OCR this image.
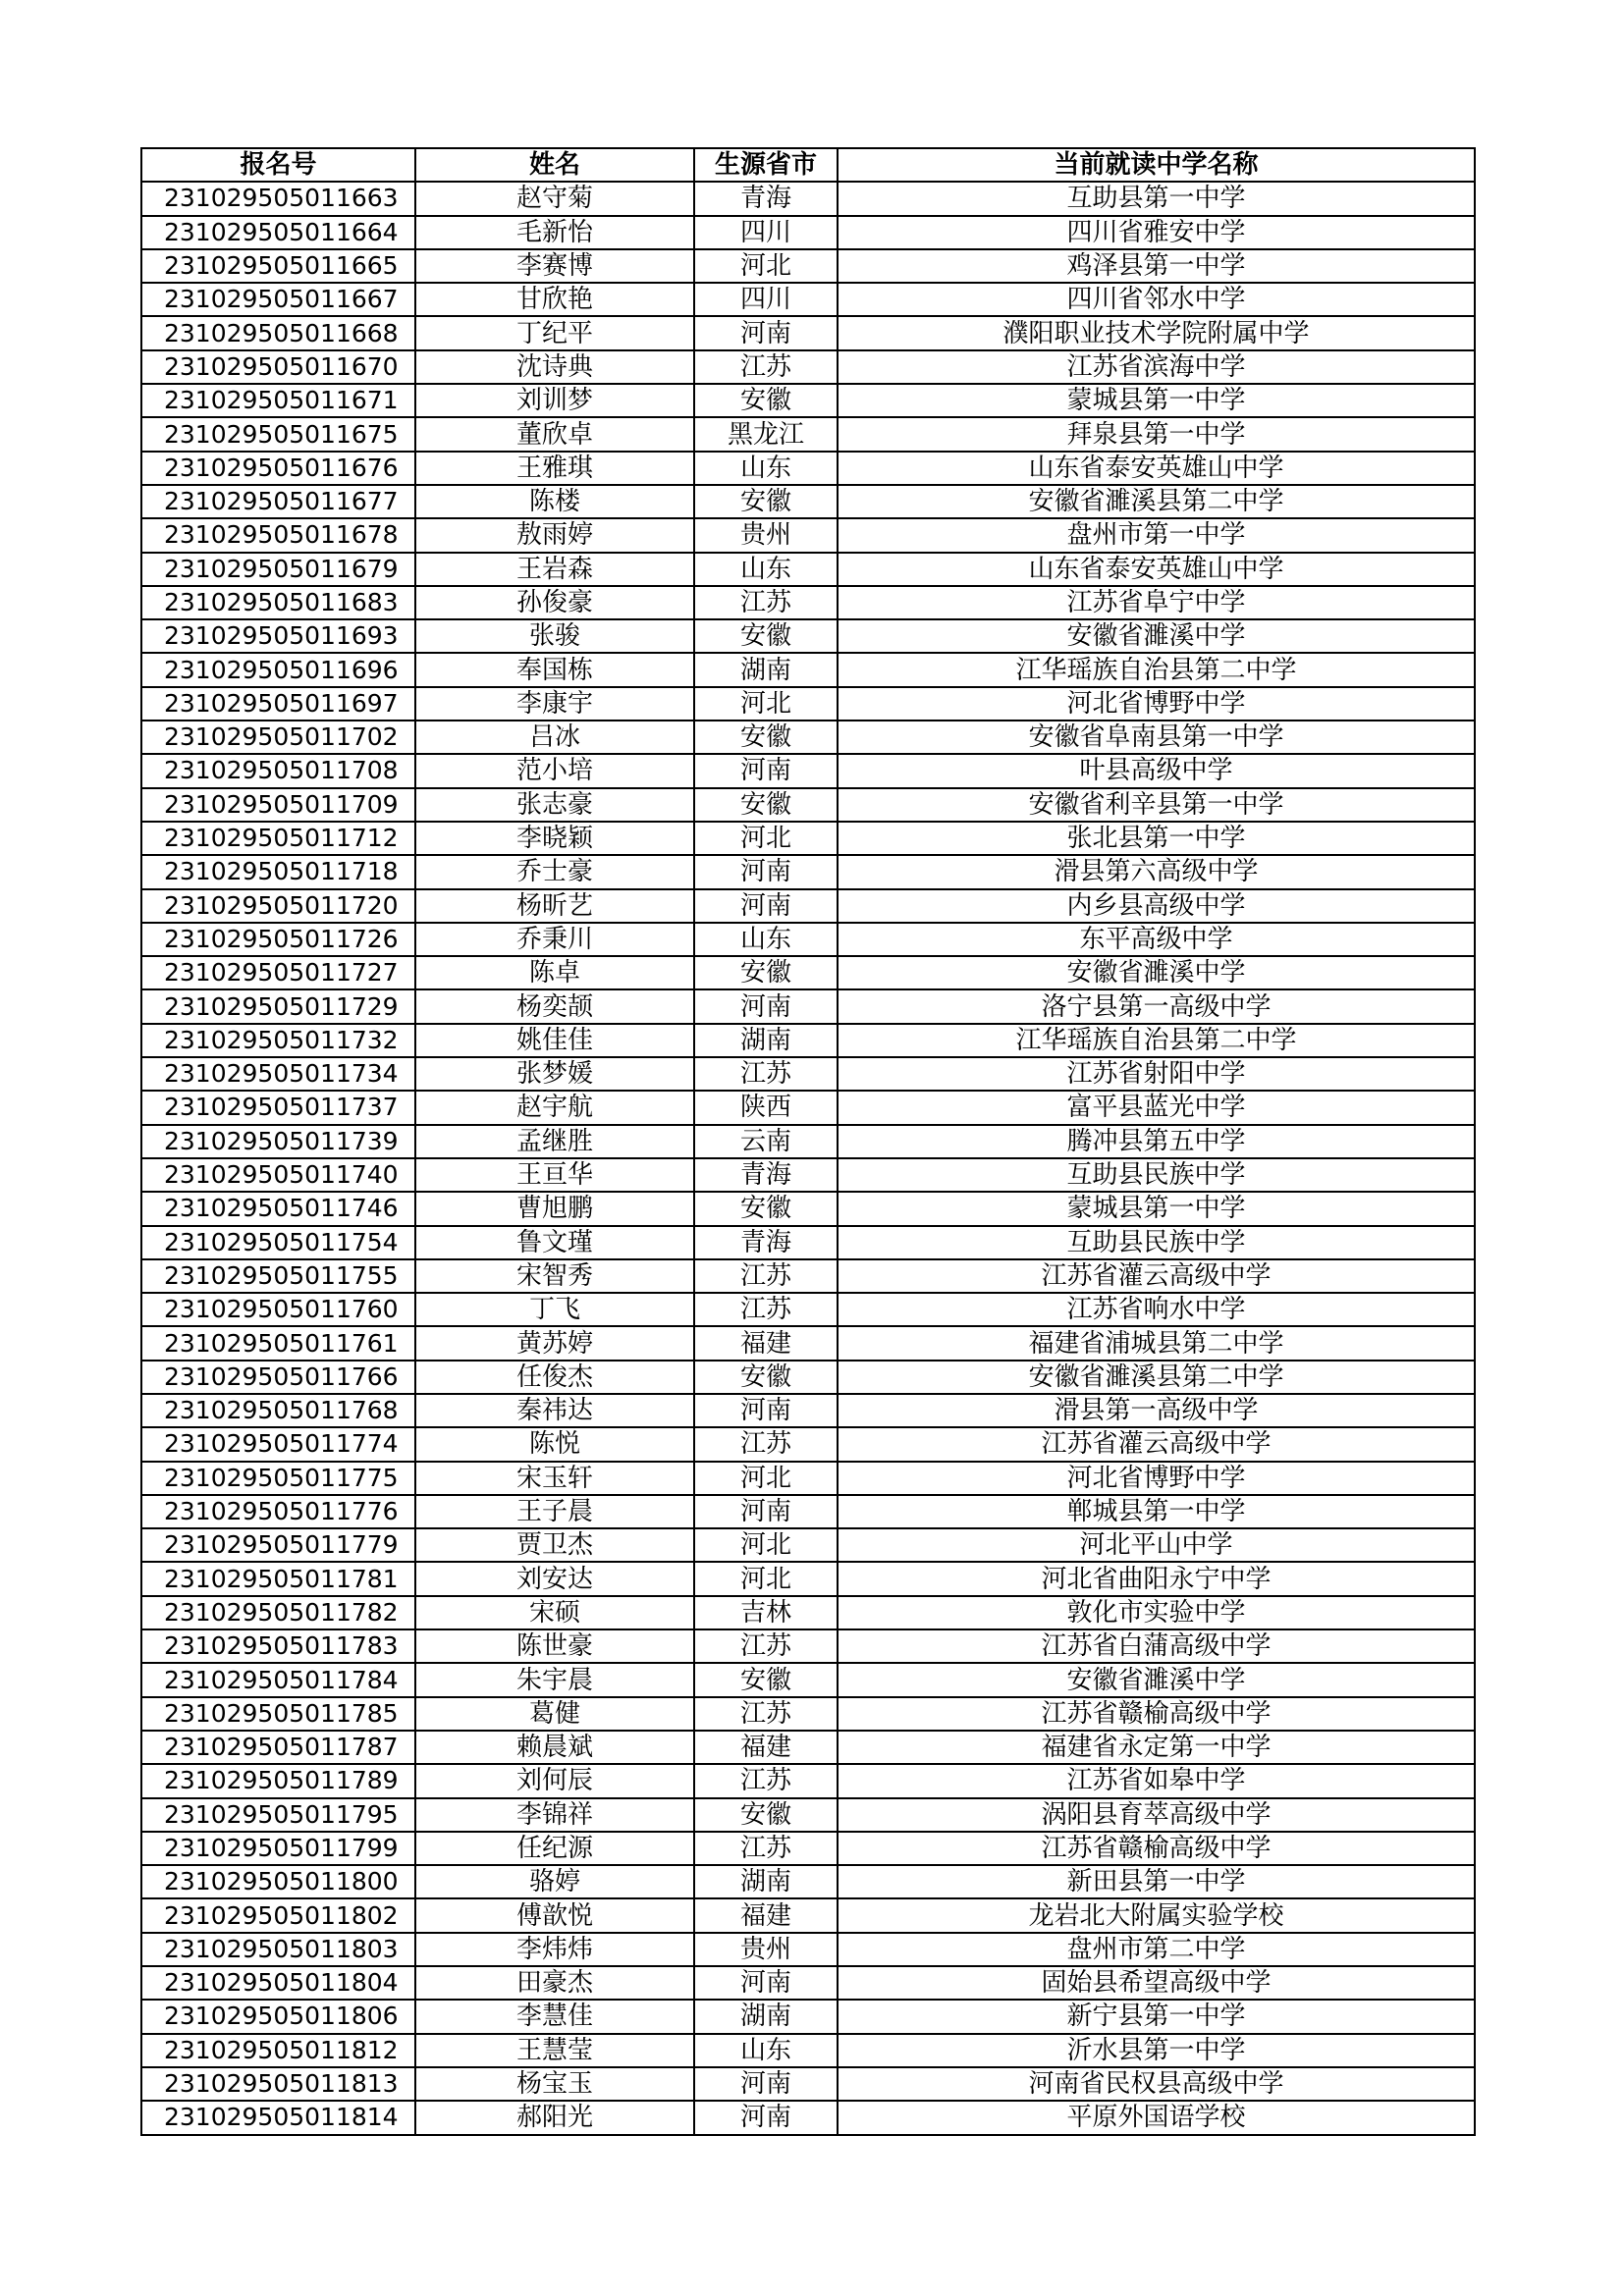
报名号	姓名	生源省市	当前就读中学名称
231029505011663	赵守菊	青海	互助县第一中学
231029505011664	毛新怡	四川	四川省雅安中学
231029505011665	李赛博	河北	鸡泽县第一中学
231029505011667	甘欣艳	四川	四川省邻水中学
231029505011668	丁纪平	河南	濮阳职业技术学院附属中学
231029505011670	沈诗典	江苏	江苏省滨海中学
231029505011671	刘训梦	安徽	蒙城县第一中学
231029505011675	董欣卓	黑龙江	拜泉县第一中学
231029505011676	王雅琪	山东	山东省泰安英雄山中学
231029505011677	陈楼	安徽	安徽省濉溪县第二中学
231029505011678	敖雨婷	贵州	盘州市第一中学
231029505011679	王岩森	山东	山东省泰安英雄山中学
231029505011683	孙俊豪	江苏	江苏省阜宁中学
231029505011693	张骏	安徽	安徽省濉溪中学
231029505011696	奉国栋	湖南	江华瑶族自治县第二中学
231029505011697	李康宇	河北	河北省博野中学
231029505011702	吕冰	安徽	安徽省阜南县第一中学
231029505011708	范小培	河南	叶县高级中学
231029505011709	张志豪	安徽	安徽省利辛县第一中学
231029505011712	李晓颖	河北	张北县第一中学
231029505011718	乔士豪	河南	滑县第六高级中学
231029505011720	杨昕艺	河南	内乡县高级中学
231029505011726	乔秉川	山东	东平高级中学
231029505011727	陈卓	安徽	安徽省濉溪中学
231029505011729	杨奕颉	河南	洛宁县第一高级中学
231029505011732	姚佳佳	湖南	江华瑶族自治县第二中学
231029505011734	张梦媛	江苏	江苏省射阳中学
231029505011737	赵宇航	陕西	富平县蓝光中学
231029505011739	孟继胜	云南	腾冲县第五中学
231029505011740	王亘华	青海	互助县民族中学
231029505011746	曹旭鹏	安徽	蒙城县第一中学
231029505011754	鲁文瑾	青海	互助县民族中学
231029505011755	宋智秀	江苏	江苏省灌云高级中学
231029505011760	丁飞	江苏	江苏省响水中学
231029505011761	黄苏婷	福建	福建省浦城县第二中学
231029505011766	任俊杰	安徽	安徽省濉溪县第二中学
231029505011768	秦祎达	河南	滑县第一高级中学
231029505011774	陈悦	江苏	江苏省灌云高级中学
231029505011775	宋玉轩	河北	河北省博野中学
231029505011776	王子晨	河南	郸城县第一中学
231029505011779	贾卫杰	河北	河北平山中学
231029505011781	刘安达	河北	河北省曲阳永宁中学
231029505011782	宋硕	吉林	敦化市实验中学
231029505011783	陈世豪	江苏	江苏省白蒲高级中学
231029505011784	朱宇晨	安徽	安徽省濉溪中学
231029505011785	葛健	江苏	江苏省赣榆高级中学
231029505011787	赖晨斌	福建	福建省永定第一中学
231029505011789	刘何辰	江苏	江苏省如皋中学
231029505011795	李锦祥	安徽	涡阳县育萃高级中学
231029505011799	任纪源	江苏	江苏省赣榆高级中学
231029505011800	骆婷	湖南	新田县第一中学
231029505011802	傅歆悦	福建	龙岩北大附属实验学校
231029505011803	李炜炜	贵州	盘州市第二中学
231029505011804	田豪杰	河南	固始县希望高级中学
231029505011806	李慧佳	湖南	新宁县第一中学
231029505011812	王慧莹	山东	沂水县第一中学
231029505011813	杨宝玉	河南	河南省民权县高级中学
231029505011814	郝阳光	河南	平原外国语学校
